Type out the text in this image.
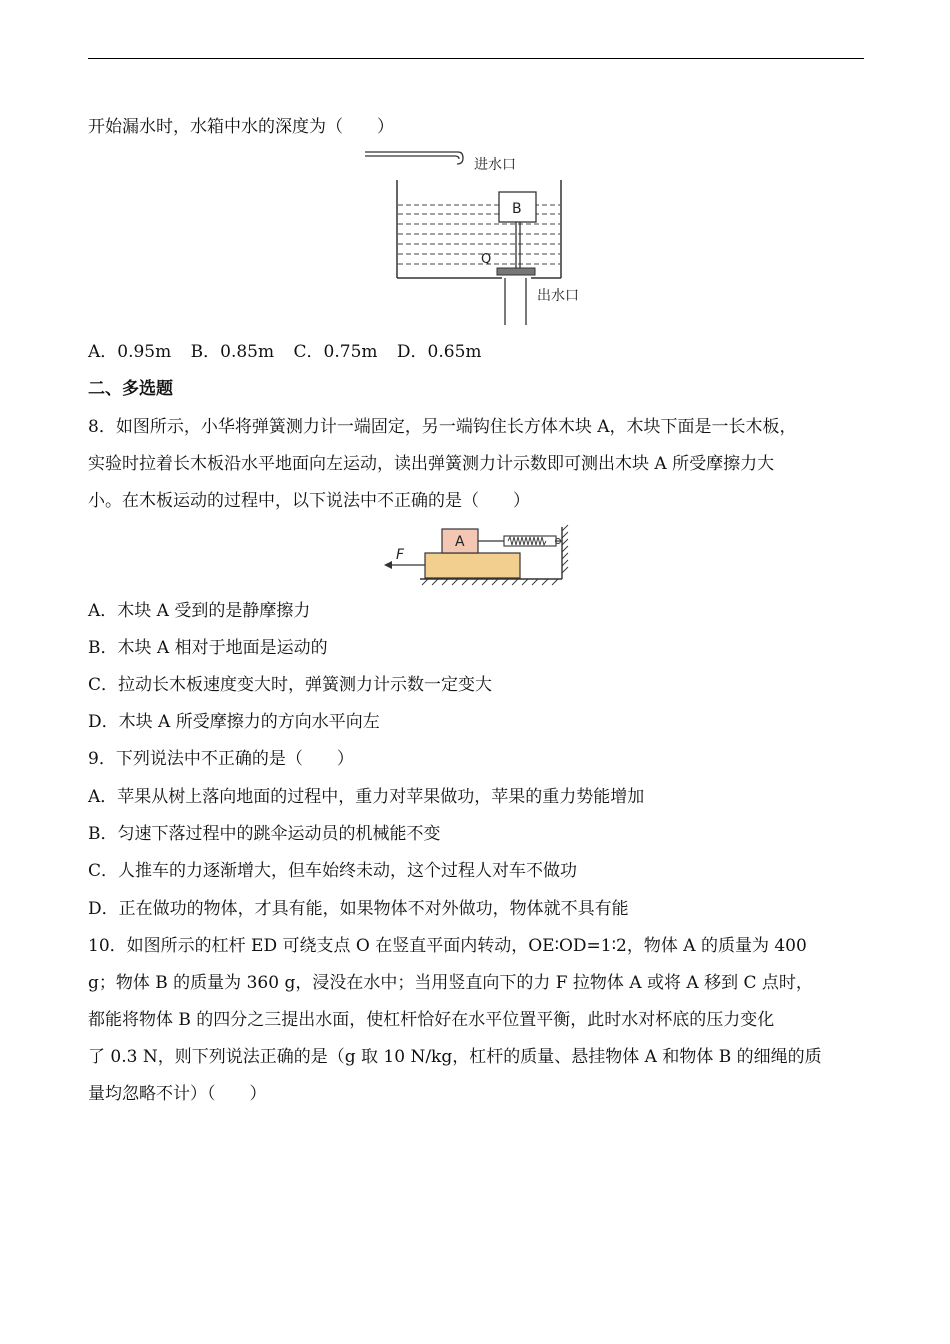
开始漏水时，水箱中水的深度为（　　）
进水口
B
Q
出水口
A．0.95m B．0.85m C．0.75m D．0.65m
二、多选题
8．如图所示，小华将弹簧测力计一端固定，另一端钩住长方体木块 A，木块下面是一长木板，
实验时拉着长木板沿水平地面向左运动，读出弹簧测力计示数即可测出木块 A 所受摩擦力大
小。在木板运动的过程中，以下说法中不正确的是（　　）
A
F
A．木块 A 受到的是静摩擦力
B．木块 A 相对于地面是运动的
C．拉动长木板速度变大时，弹簧测力计示数一定变大
D．木块 A 所受摩擦力的方向水平向左
9．下列说法中不正确的是（　　）
A．苹果从树上落向地面的过程中，重力对苹果做功，苹果的重力势能增加
B．匀速下落过程中的跳伞运动员的机械能不变
C．人推车的力逐渐增大，但车始终未动，这个过程人对车不做功
D．正在做功的物体，才具有能，如果物体不对外做功，物体就不具有能
10．如图所示的杠杆 ED 可绕支点 O 在竖直平面内转动，OE∶OD=1∶2，物体 A 的质量为 400
g；物体 B 的质量为 360 g，浸没在水中；当用竖直向下的力 F 拉物体 A 或将 A 移到 C 点时，
都能将物体 B 的四分之三提出水面，使杠杆恰好在水平位置平衡，此时水对杯底的压力变化
了 0.3 N，则下列说法正确的是（g 取 10 N/kg，杠杆的质量、悬挂物体 A 和物体 B 的细绳的质
量均忽略不计）（　　）
